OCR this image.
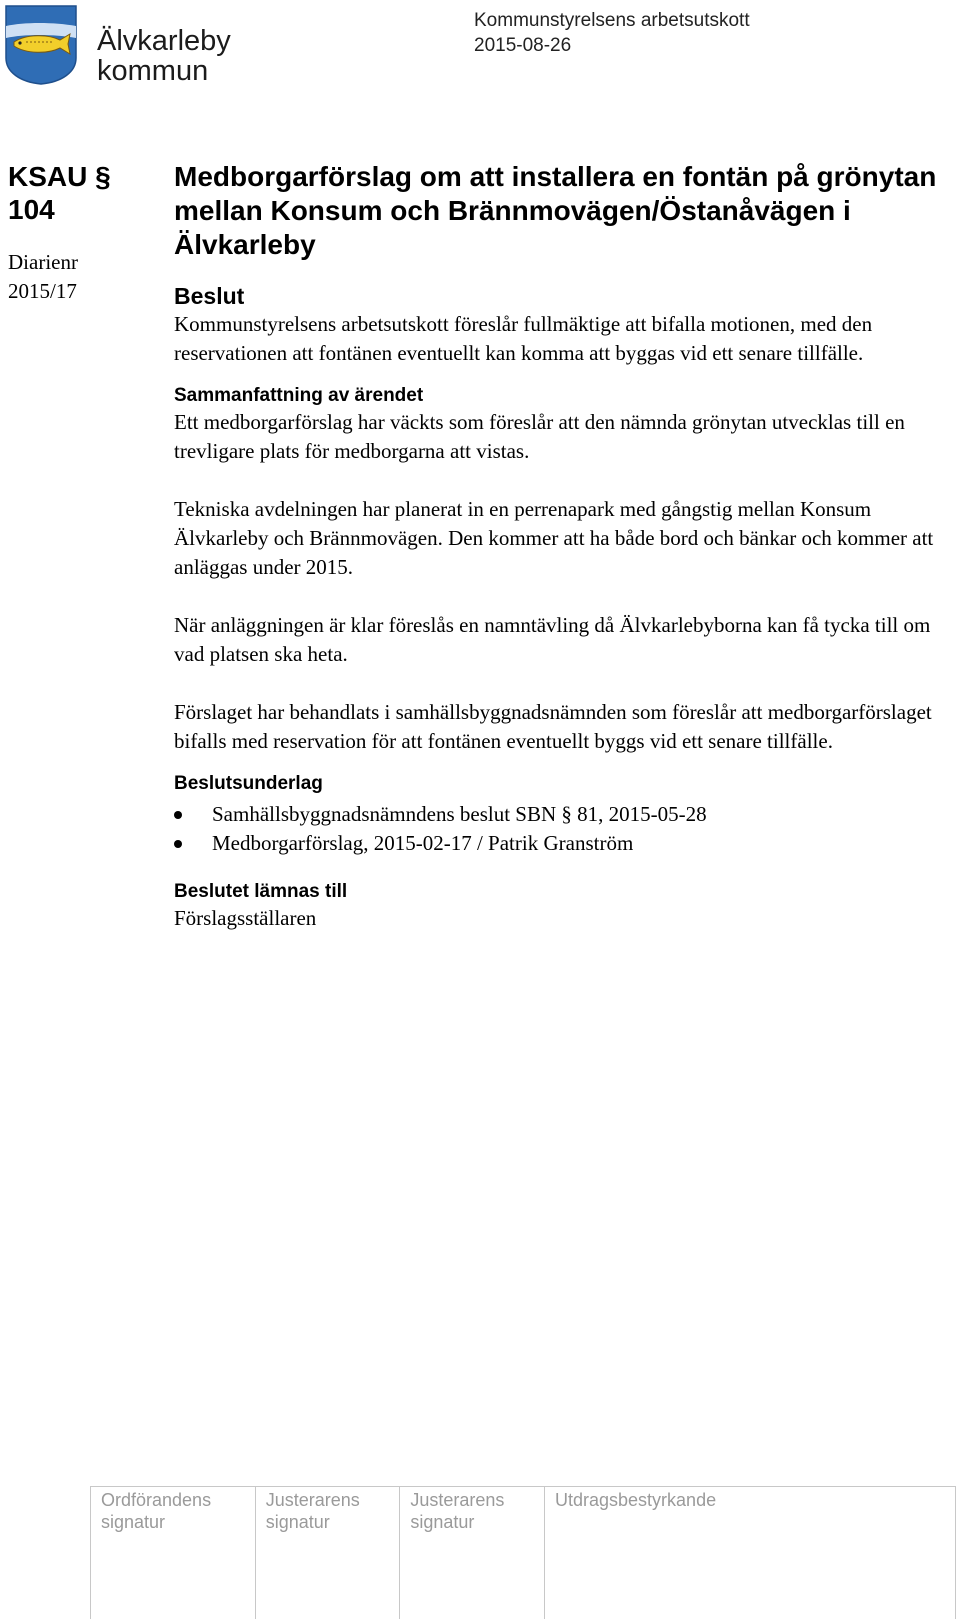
Älvkarleby
kommun
Kommunstyrelsens arbetsutskott
2015-08-26
KSAU §
104
Diarienr
2015/17
Medborgarförslag om att installera en fontän på grönytan mellan Konsum och Brännmovägen/Östanåvägen i Älvkarleby
Beslut

Kommunstyrelsens arbetsutskott föreslår fullmäktige att bifalla motionen, med den reservationen att fontänen eventuellt kan komma att byggas vid ett senare tillfälle.

Sammanfattning av ärendet

Ett medborgarförslag har väckts som föreslår att den nämnda grönytan utvecklas till en trevligare plats för medborgarna att vistas.

Tekniska avdelningen har planerat in en perrenapark med gångstig mellan Konsum Älvkarleby och Brännmovägen. Den kommer att ha både bord och bänkar och kommer att anläggas under 2015.

När anläggningen är klar föreslås en namntävling då Älvkarlebyborna kan få tycka till om vad platsen ska heta.

Förslaget har behandlats i samhällsbyggnadsnämnden som föreslår att medborgarförslaget bifalls med reservation för att fontänen eventuellt byggs vid ett senare tillfälle.

Beslutsunderlag
Samhällsbyggnadsnämndens beslut SBN § 81, 2015-05-28
Medborgarförslag, 2015-02-17 / Patrik Granström
Beslutet lämnas till

Förslagsställaren

Ordförandens
signatur

Justerarens
signatur

Justerarens
signatur

Utdragsbestyrkande
